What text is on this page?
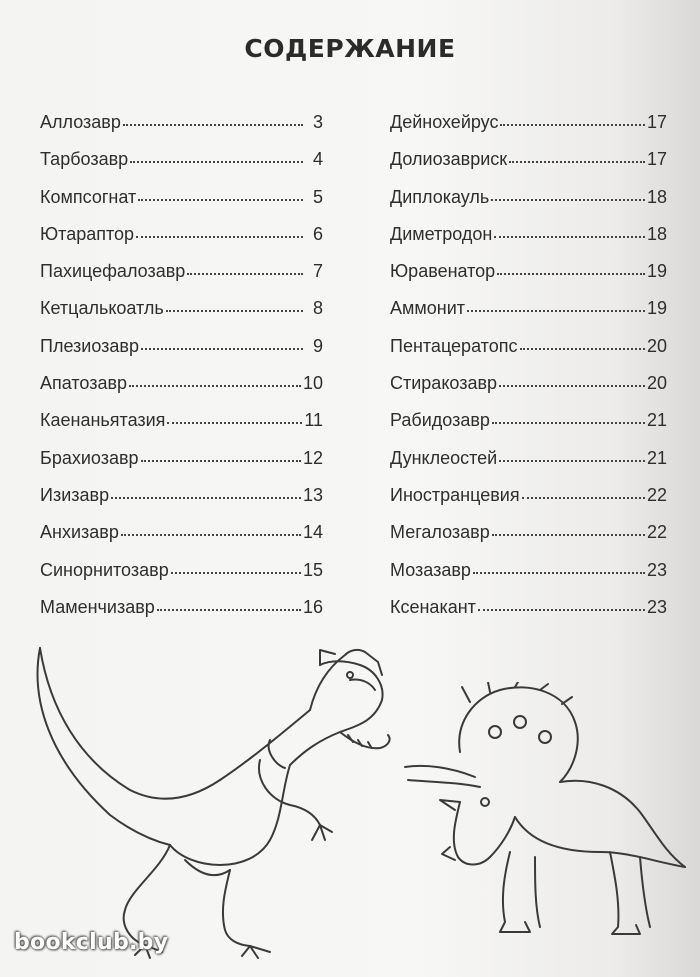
СОДЕРЖАНИЕ
Аллозавр	3
Тарбозавр	4
Компсогнат	5
Ютараптор	6
Пахицефалозавр	7
Кетцалькоатль	8
Плезиозавр	9
Апатозавр	10
Каенаньятазия	11
Брахиозавр	12
Изизавр	13
Анхизавр	14
Синорнитозавр	15
Маменчизавр	16
Дейнохейрус	17
Долиозавриск	17
Диплокауль	18
Диметродон	18
Юравенатор	19
Аммонит	19
Пентацератопс	20
Стиракозавр	20
Рабидозавр	21
Дунклеостей	21
Иностранцевия	22
Мегалозавр	22
Мозазавр	23
Ксенакант	23
bookclub.by
